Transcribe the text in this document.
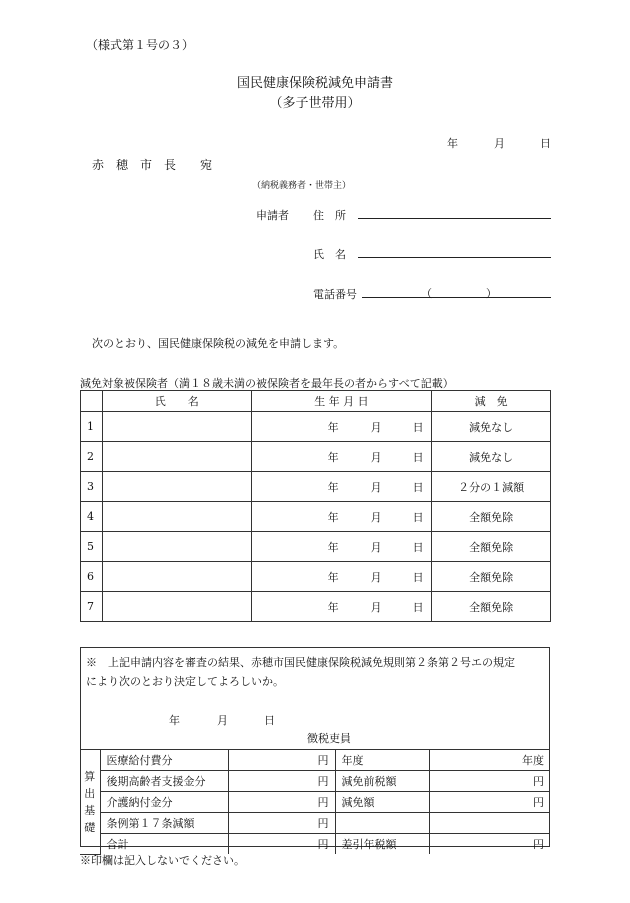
（様式第１号の３）
国民健康保険税減免申請書
（多子世帯用）
年	月	日
赤　穂　市　長　　宛
（納税義務者・世帯主）
申請者 住　所
氏　名
電話番号	（	）
次のとおり、国民健康保険税の減免を申請します。
減免対象被保険者（満１８歳未満の被保険者を最年長の者からすべて記載）
	氏　　名	生 年 月 日	減　免
1		年 月 日	減免なし
2		年 月 日	減免なし
3		年 月 日	２分の１減額
4		年 月 日	全額免除
5		年 月 日	全額免除
6		年 月 日	全額免除
7		年 月 日	全額免除
※　上記申請内容を審査の結果、赤穂市国民健康保険税減免規則第２条第２号エの規定
により次のとおり決定してよろしいか。
年	月	日
徴税吏員
算
出
基
礎	医療給付費分	円	年度	年度
	後期高齢者支援金分	円	減免前税額	円
	介護納付金分	円	減免額	円
	条例第１７条減額	円		
	合計	円	差引年税額	円
※印欄は記入しないでください。
